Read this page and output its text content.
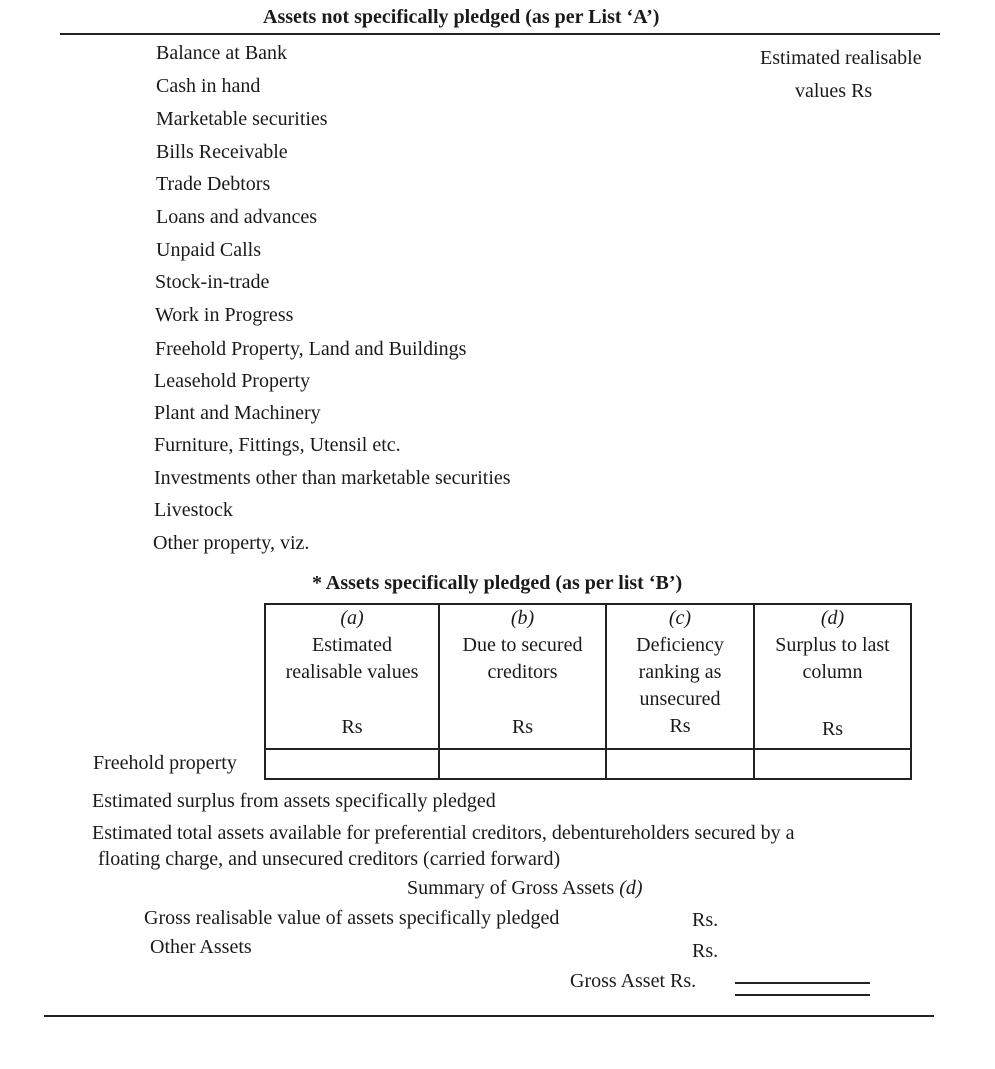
Assets not specifically pledged (as per List ‘A’)
Estimated realisable
values Rs
Balance at Bank
Cash in hand
Marketable securities
Bills Receivable
Trade Debtors
Loans and advances
Unpaid Calls
Stock-in-trade
Work in Progress
Freehold Property, Land and Buildings
Leasehold Property
Plant and Machinery
Furniture, Fittings, Utensil etc.
Investments other than marketable securities
Livestock
Other property, viz.
* Assets specifically pledged (as per list ‘B’)
(a)
Estimated
realisable values
Rs
(b)
Due to secured
creditors
Rs
(c)
Deficiency
ranking as
unsecured
Rs
(d)
Surplus to last
column
Rs
Freehold property
Estimated surplus from assets specifically pledged
Estimated total assets available for preferential creditors, debentureholders secured by a
floating charge, and unsecured creditors (carried forward)
Summary of Gross Assets (d)
Gross realisable value of assets specifically pledged	Rs.
Other Assets	Rs.
Gross Asset Rs.
